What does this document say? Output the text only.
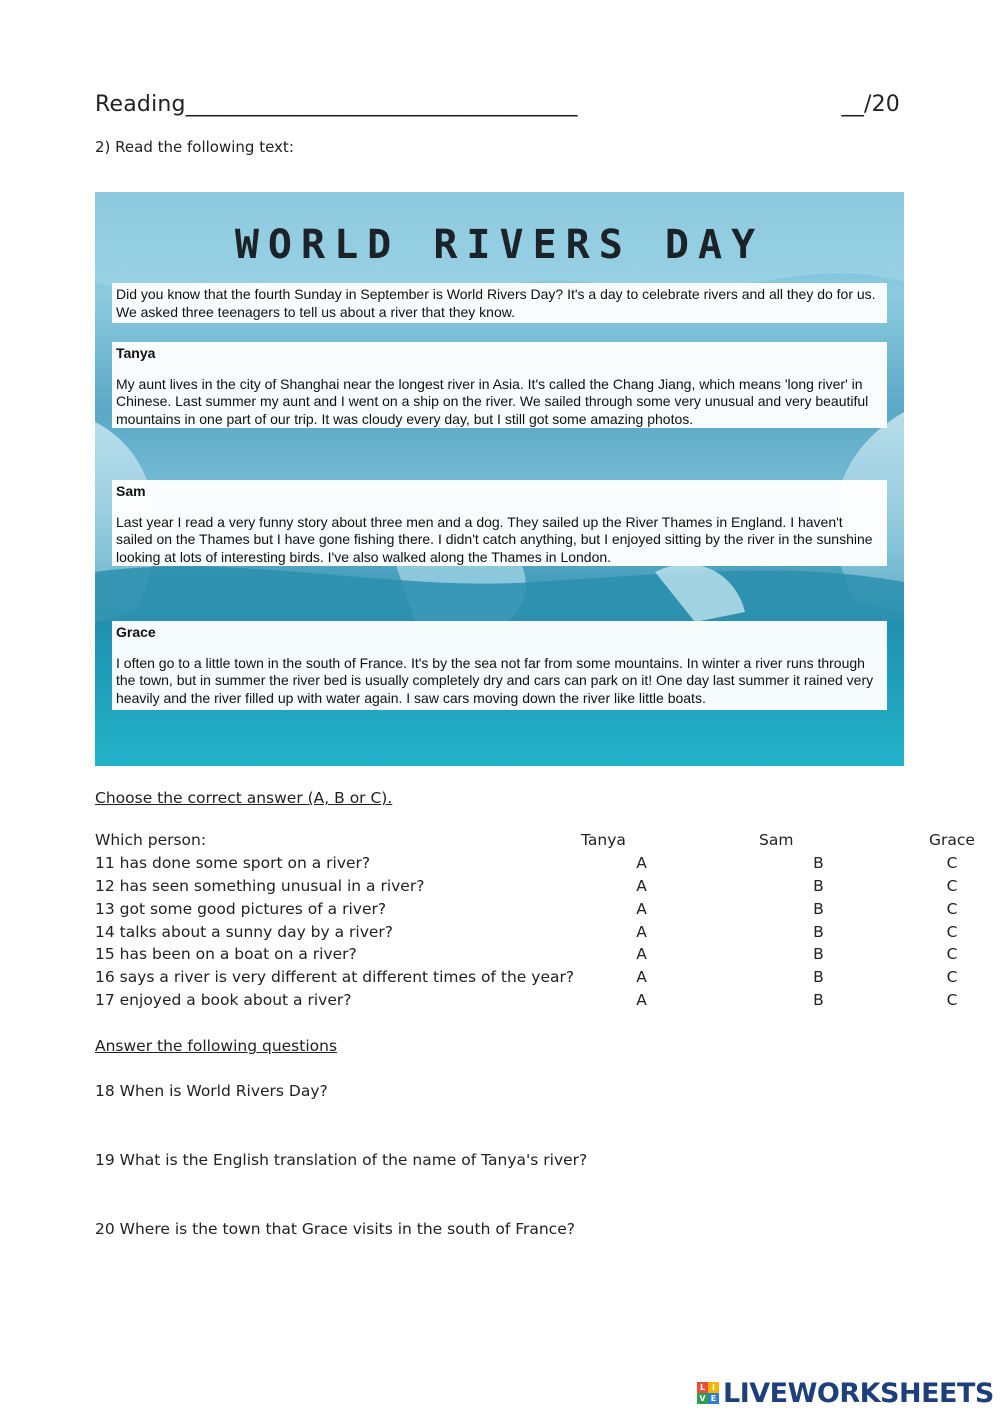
Reading___________________________________	__/20
2) Read the following text:
WORLD RIVERS DAY
Did you know that the fourth Sunday in September is World Rivers Day? It's a day to celebrate rivers and all they do for us. We asked three teenagers to tell us about a river that they know.
Tanya
My aunt lives in the city of Shanghai near the longest river in Asia. It's called the Chang Jiang, which means 'long river' in Chinese. Last summer my aunt and I went on a ship on the river. We sailed through some very unusual and very beautiful mountains in one part of our trip. It was cloudy every day, but I still got some amazing photos.
Sam
Last year I read a very funny story about three men and a dog. They sailed up the River Thames in England. I haven't sailed on the Thames but I have gone fishing there. I didn't catch anything, but I enjoyed sitting by the river in the sunshine looking at lots of interesting birds. I've also walked along the Thames in London.
Grace
I often go to a little town in the south of France. It's by the sea not far from some mountains. In winter a river runs through the town, but in summer the river bed is usually completely dry and cars can park on it! One day last summer it rained very heavily and the river filled up with water again. I saw cars moving down the river like little boats.
Choose the correct answer (A, B or C).
Which person:	Tanya	Sam	Grace
11 has done some sport on a river?	A	B	C
12 has seen something unusual in a river?	A	B	C
13 got some good pictures of a river?	A	B	C
14 talks about a sunny day by a river?	A	B	C
15 has been on a boat on a river?	A	B	C
16 says a river is very different at different times of the year?	A	B	C
17 enjoyed a book about a river?	A	B	C
Answer the following questions
18 When is World Rivers Day?
19 What is the English translation of the name of Tanya's river?
20 Where is the town that Grace visits in the south of France?
L I
V E LIVEWORKSHEETS
